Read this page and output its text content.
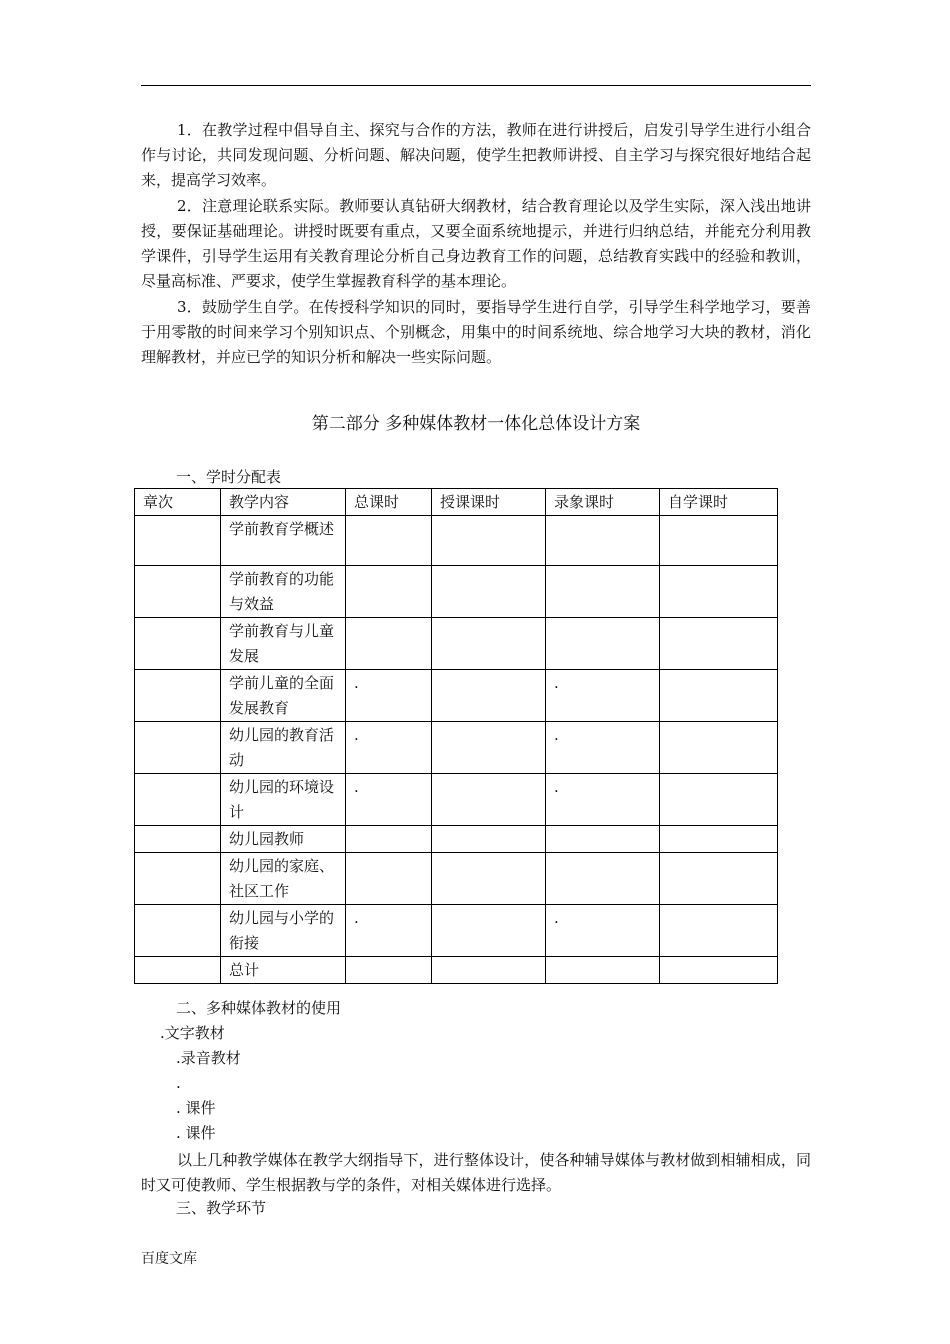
1．在教学过程中倡导自主、探究与合作的方法，教师在进行讲授后，启发引导学生进行小组合作与讨论，共同发现问题、分析问题、解决问题，使学生把教师讲授、自主学习与探究很好地结合起来，提高学习效率。

2．注意理论联系实际。教师要认真钻研大纲教材，结合教育理论以及学生实际，深入浅出地讲授，要保证基础理论。讲授时既要有重点，又要全面系统地提示，并进行归纳总结，并能充分利用教学课件，引导学生运用有关教育理论分析自己身边教育工作的问题，总结教育实践中的经验和教训，尽量高标准、严要求，使学生掌握教育科学的基本理论。

3．鼓励学生自学。在传授科学知识的同时，要指导学生进行自学，引导学生科学地学习，要善于用零散的时间来学习个别知识点、个别概念，用集中的时间系统地、综合地学习大块的教材，消化理解教材，并应已学的知识分析和解决一些实际问题。

第二部分 多种媒体教材一体化总体设计方案
一、学时分配表
章次	教学内容	总课时	授课课时	录象课时	自学课时
	学前教育学概述				
	学前教育的功能与效益				
	学前教育与儿童发展				
	学前儿童的全面发展教育	.		.	
	幼儿园的教育活动	.		.	
	幼儿园的环境设计	.		.	
	幼儿园教师				
	幼儿园的家庭、社区工作				
	幼儿园与小学的衔接	.		.	
	总计				
二、多种媒体教材的使用
.文字教材
.录音教材
.
. 课件
. 课件

以上几种教学媒体在教学大纲指导下，进行整体设计，使各种辅导媒体与教材做到相辅相成，同时又可使教师、学生根据教与学的条件，对相关媒体进行选择。

三、教学环节
百度文库
